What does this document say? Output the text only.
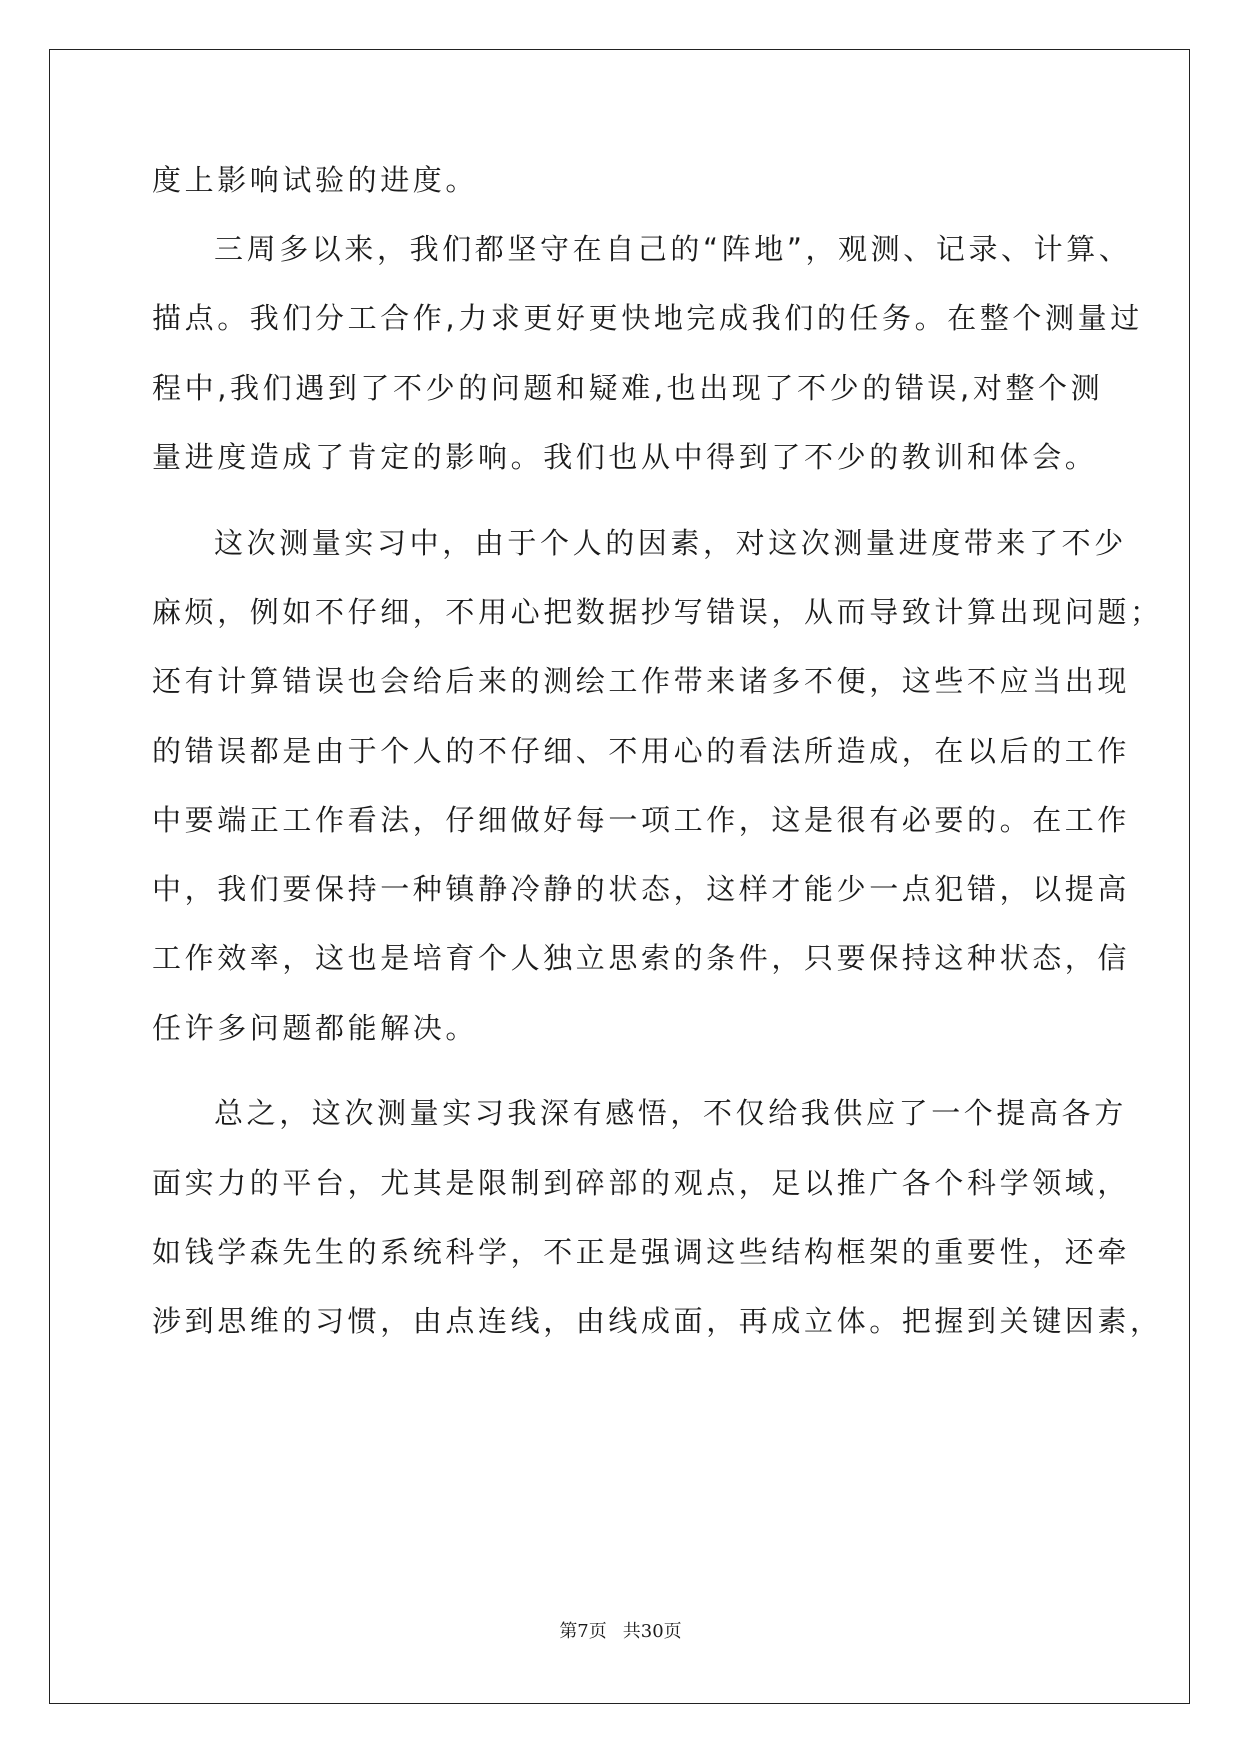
度上影响试验的进度。
三周多以来，我们都坚守在自己的“阵地”，观测、记录、计算、
描点。我们分工合作,力求更好更快地完成我们的任务。在整个测量过
程中,我们遇到了不少的问题和疑难,也出现了不少的错误,对整个测
量进度造成了肯定的影响。我们也从中得到了不少的教训和体会。
这次测量实习中，由于个人的因素，对这次测量进度带来了不少
麻烦，例如不仔细，不用心把数据抄写错误，从而导致计算出现问题；
还有计算错误也会给后来的测绘工作带来诸多不便，这些不应当出现
的错误都是由于个人的不仔细、不用心的看法所造成，在以后的工作
中要端正工作看法，仔细做好每一项工作，这是很有必要的。在工作
中，我们要保持一种镇静冷静的状态，这样才能少一点犯错，以提高
工作效率，这也是培育个人独立思索的条件，只要保持这种状态，信
任许多问题都能解决。
总之，这次测量实习我深有感悟，不仅给我供应了一个提高各方
面实力的平台，尤其是限制到碎部的观点，足以推广各个科学领域，
如钱学森先生的系统科学，不正是强调这些结构框架的重要性，还牵
涉到思维的习惯，由点连线，由线成面，再成立体。把握到关键因素，
第7页 共30页
